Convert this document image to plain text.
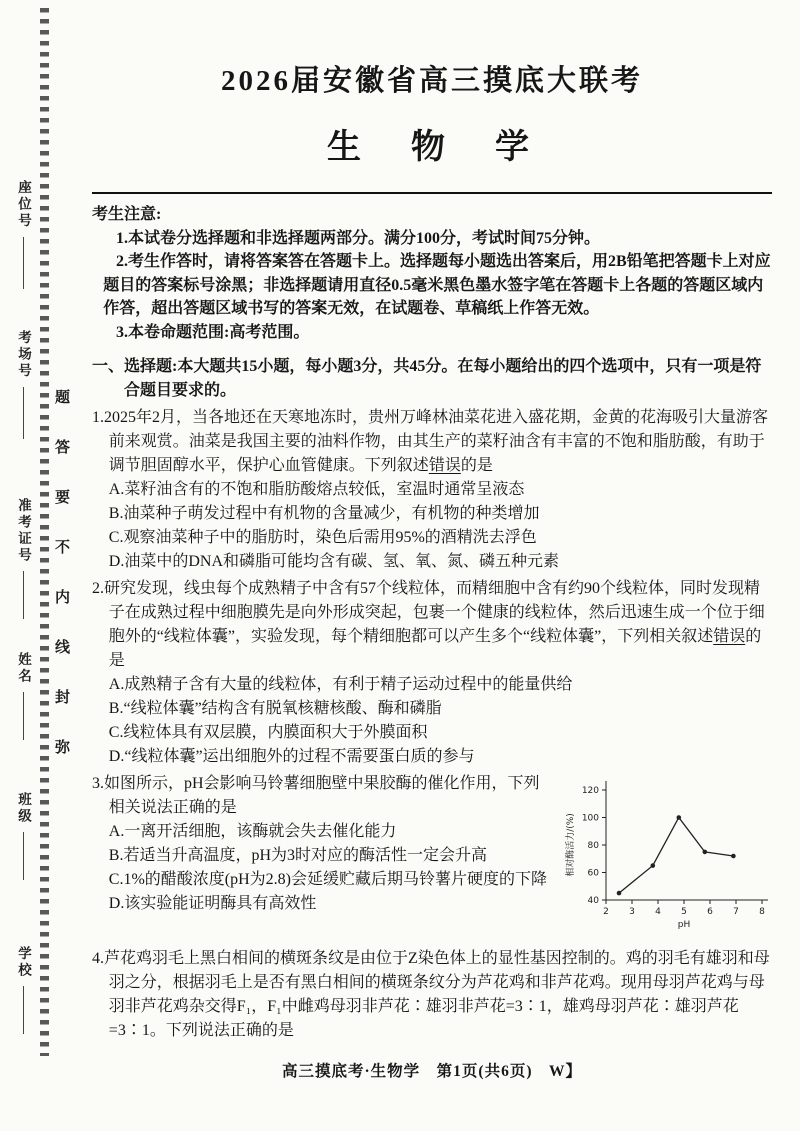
座位号
考场号
准考证号
姓名
班级
学校
题
答
要
不
内
线
封
弥
2026届安徽省高三摸底大联考
生　物　学

考生注意:

1.本试卷分选择题和非选择题两部分。满分100分，考试时间75分钟。

2.考生作答时，请将答案答在答题卡上。选择题每小题选出答案后，用2B铅笔把答题卡上对应题目的答案标号涂黑；非选择题请用直径0.5毫米黑色墨水签字笔在答题卡上各题的答题区域内作答，超出答题区域书写的答案无效，在试题卷、草稿纸上作答无效。

3.本卷命题范围:高考范围。

一、选择题:本大题共15小题，每小题3分，共45分。在每小题给出的四个选项中，只有一项是符合题目要求的。

1.2025年2月，当各地还在天寒地冻时，贵州万峰林油菜花进入盛花期，金黄的花海吸引大量游客前来观赏。油菜是我国主要的油料作物，由其生产的菜籽油含有丰富的不饱和脂肪酸，有助于调节胆固醇水平，保护心血管健康。下列叙述错误的是

A.菜籽油含有的不饱和脂肪酸熔点较低，室温时通常呈液态

B.油菜种子萌发过程中有机物的含量减少，有机物的种类增加

C.观察油菜种子中的脂肪时，染色后需用95%的酒精洗去浮色

D.油菜中的DNA和磷脂可能均含有碳、氢、氧、氮、磷五种元素

2.研究发现，线虫每个成熟精子中含有57个线粒体，而精细胞中含有约90个线粒体，同时发现精子在成熟过程中细胞膜先是向外形成突起，包裹一个健康的线粒体，然后迅速生成一个位于细胞外的“线粒体囊”，实验发现，每个精细胞都可以产生多个“线粒体囊”，下列相关叙述错误的是

A.成熟精子含有大量的线粒体，有利于精子运动过程中的能量供给

B.“线粒体囊”结构含有脱氧核糖核酸、酶和磷脂

C.线粒体具有双层膜，内膜面积大于外膜面积

D.“线粒体囊”运出细胞外的过程不需要蛋白质的参与

40
60
80
100
120
2 3 4 5 6 7 8
pH
相对酶活力/(%)

3.如图所示，pH会影响马铃薯细胞壁中果胶酶的催化作用，下列相关说法正确的是

A.一离开活细胞，该酶就会失去催化能力

B.若适当升高温度，pH为3时对应的酶活性一定会升高

C.1%的醋酸浓度(pH为2.8)会延缓贮藏后期马铃薯片硬度的下降

D.该实验能证明酶具有高效性

4.芦花鸡羽毛上黑白相间的横斑条纹是由位于Z染色体上的显性基因控制的。鸡的羽毛有雄羽和母羽之分，根据羽毛上是否有黑白相间的横斑条纹分为芦花鸡和非芦花鸡。现用母羽芦花鸡与母羽非芦花鸡杂交得F₁，F₁中雌鸡母羽非芦花∶雄羽非芦花=3∶1，雄鸡母羽芦花∶雄羽芦花=3∶1。下列说法正确的是

高三摸底考·生物学　第1页(共6页)　W】
